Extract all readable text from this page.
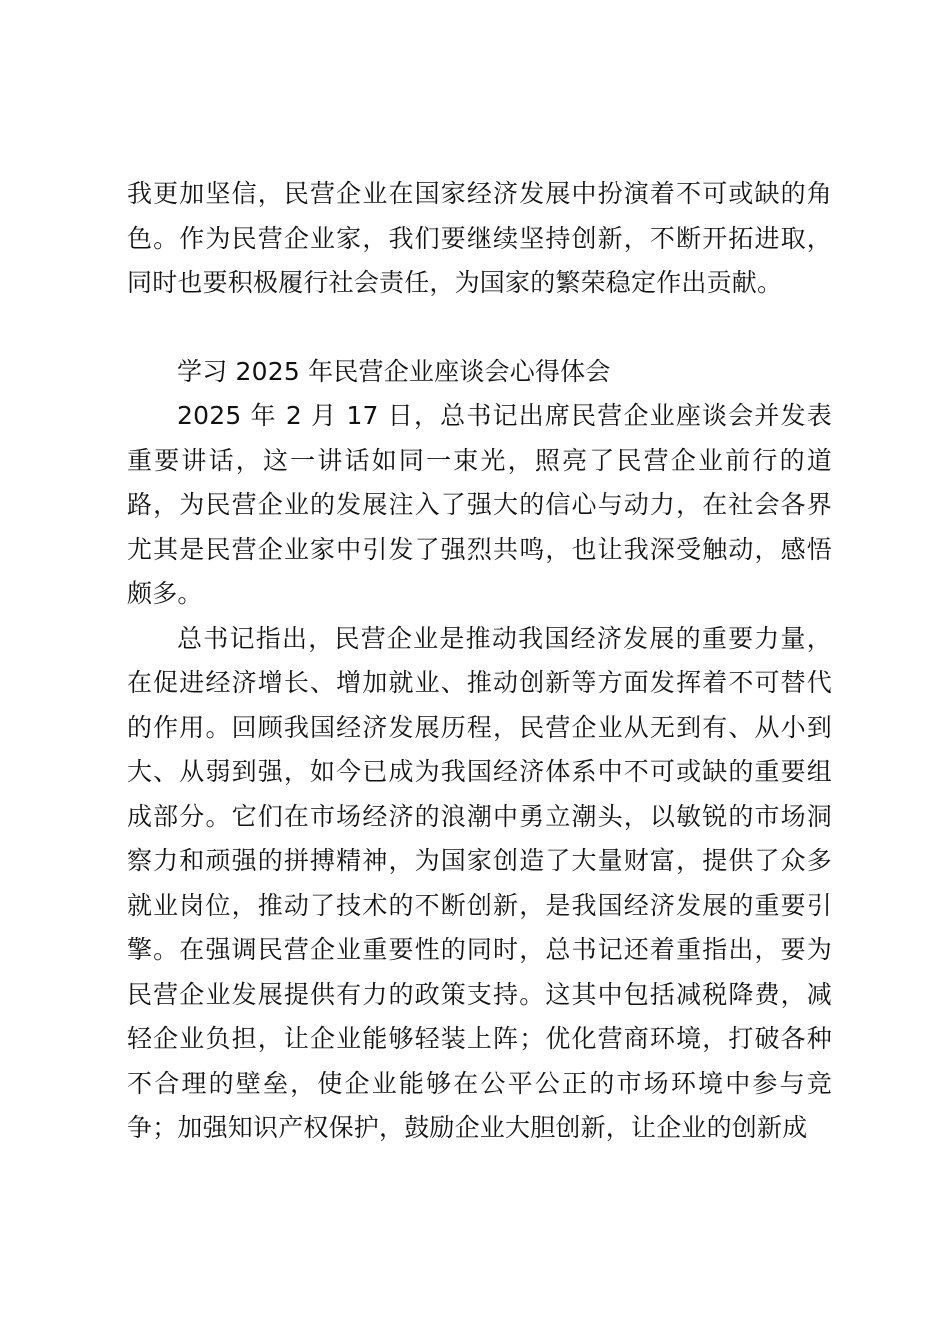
我更加坚信，民营企业在国家经济发展中扮演着不可或缺的角色。作为民营企业家，我们要继续坚持创新，不断开拓进取，同时也要积极履行社会责任，为国家的繁荣稳定作出贡献。

学习 2025 年民营企业座谈会心得体会

2025 年 2 月 17 日，总书记出席民营企业座谈会并发表重要讲话，这一讲话如同一束光，照亮了民营企业前行的道路，为民营企业的发展注入了强大的信心与动力，在社会各界尤其是民营企业家中引发了强烈共鸣，也让我深受触动，感悟颇多。

总书记指出，民营企业是推动我国经济发展的重要力量，在促进经济增长、增加就业、推动创新等方面发挥着不可替代的作用。回顾我国经济发展历程，民营企业从无到有、从小到大、从弱到强，如今已成为我国经济体系中不可或缺的重要组成部分。它们在市场经济的浪潮中勇立潮头，以敏锐的市场洞察力和顽强的拼搏精神，为国家创造了大量财富，提供了众多就业岗位，推动了技术的不断创新，是我国经济发展的重要引擎。在强调民营企业重要性的同时，总书记还着重指出，要为民营企业发展提供有力的政策支持。这其中包括减税降费，减轻企业负担，让企业能够轻装上阵；优化营商环境，打破各种不合理的壁垒，使企业能够在公平公正的市场环境中参与竞争；加强知识产权保护，鼓励企业大胆创新，让企业的创新成
